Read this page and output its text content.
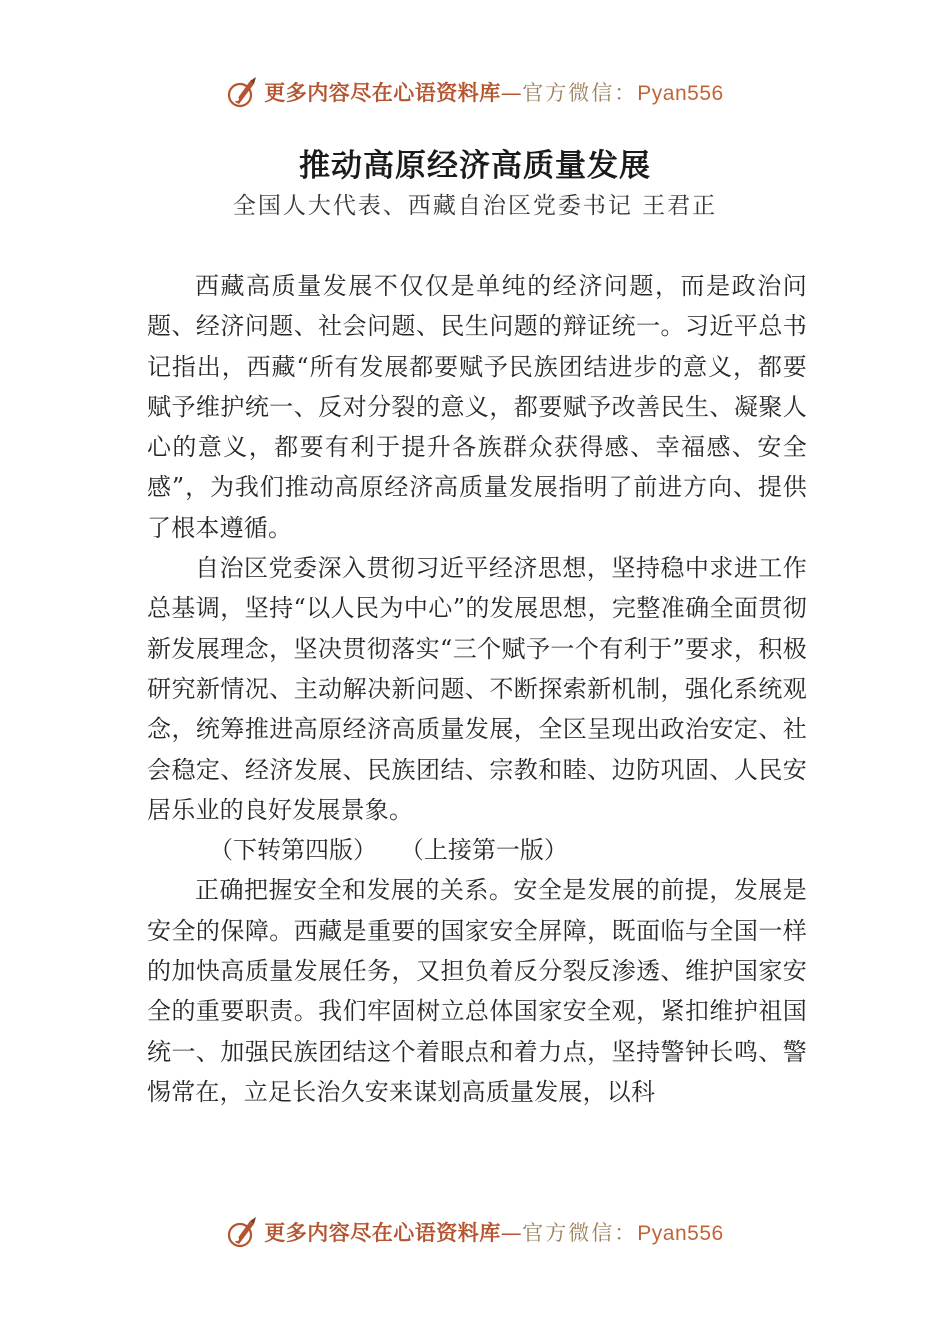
更多内容尽在心语资料库—官方微信：Pyan556
推动高原经济高质量发展
全国人大代表、西藏自治区党委书记 王君正

西藏高质量发展不仅仅是单纯的经济问题，而是政治问题、经济问题、社会问题、民生问题的辩证统一。习近平总书记指出，西藏“所有发展都要赋予民族团结进步的意义，都要赋予维护统一、反对分裂的意义，都要赋予改善民生、凝聚人心的意义，都要有利于提升各族群众获得感、幸福感、安全感”，为我们推动高原经济高质量发展指明了前进方向、提供了根本遵循。

自治区党委深入贯彻习近平经济思想，坚持稳中求进工作总基调，坚持“以人民为中心”的发展思想，完整准确全面贯彻新发展理念，坚决贯彻落实“三个赋予一个有利于”要求，积极研究新情况、主动解决新问题、不断探索新机制，强化系统观念，统筹推进高原经济高质量发展，全区呈现出政治安定、社会稳定、经济发展、民族团结、宗教和睦、边防巩固、人民安居乐业的良好发展景象。

（下转第四版）   （上接第一版）

正确把握安全和发展的关系。安全是发展的前提，发展是安全的保障。西藏是重要的国家安全屏障，既面临与全国一样的加快高质量发展任务，又担负着反分裂反渗透、维护国家安全的重要职责。我们牢固树立总体国家安全观，紧扣维护祖国统一、加强民族团结这个着眼点和着力点，坚持警钟长鸣、警惕常在，立足长治久安来谋划高质量发展，以科

更多内容尽在心语资料库—官方微信：Pyan556
